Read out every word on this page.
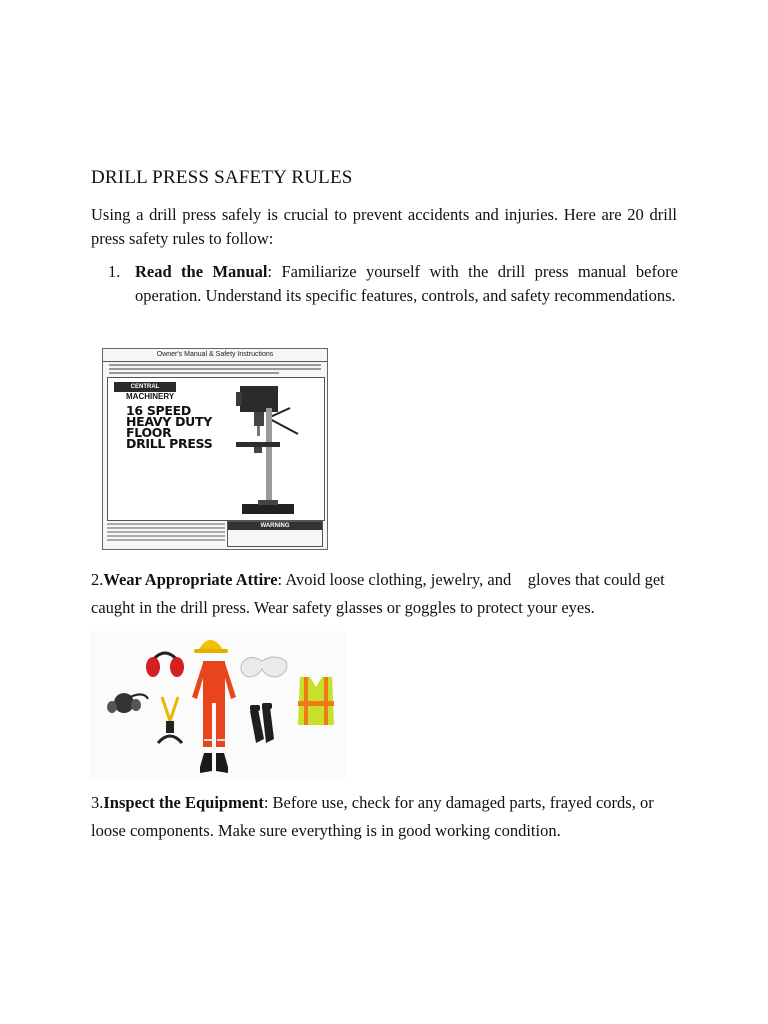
DRILL PRESS SAFETY RULES

Using a drill press safely is crucial to prevent accidents and injuries. Here are 20 drill press safety rules to follow:

1. Read the Manual: Familiarize yourself with the drill press manual before operation. Understand its specific features, controls, and safety recommendations.
Owner's Manual & Safety Instructions
CENTRAL
MACHINERY
16 SPEED
HEAVY DUTY
FLOOR
DRILL PRESS
WARNING

2.Wear Appropriate Attire: Avoid loose clothing, jewelry, and    gloves that could get caught in the drill press. Wear safety glasses or goggles to protect your eyes.

3.Inspect the Equipment: Before use, check for any damaged parts, frayed cords, or loose components. Make sure everything is in good working condition.
